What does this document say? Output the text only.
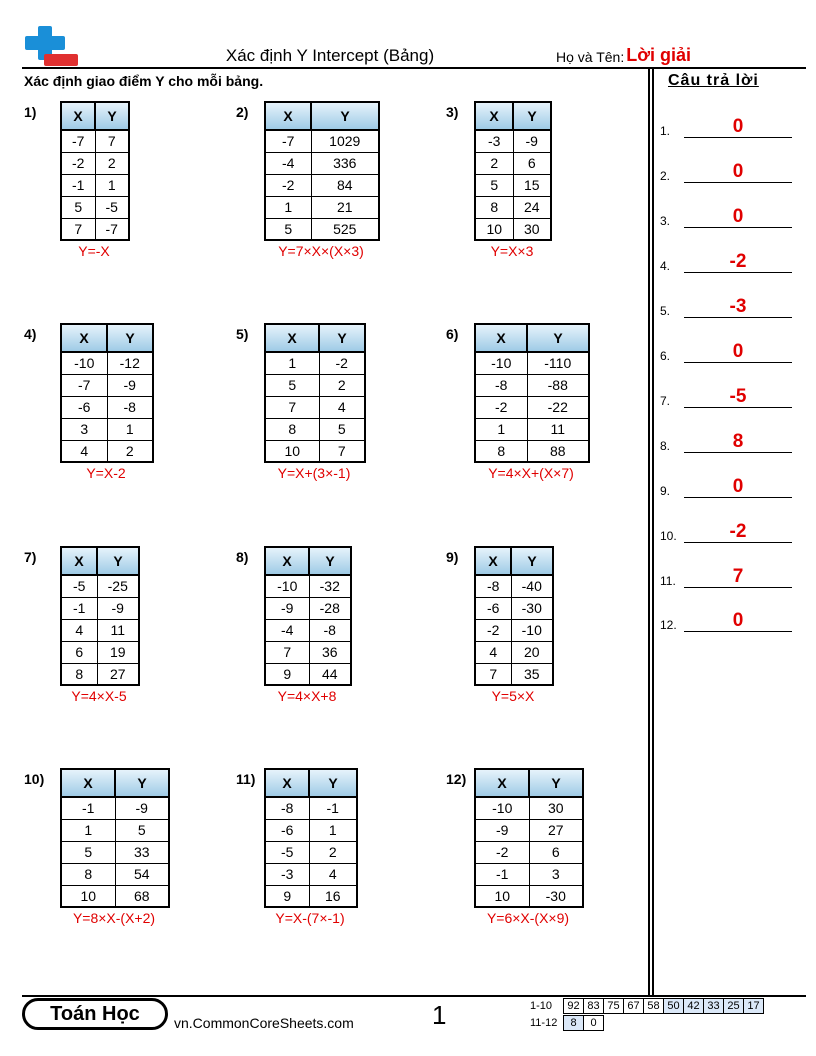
Xác định Y Intercept (Bảng)	Họ và Tên: Lời giải
Xác định giao điểm Y cho mỗi bảng.	Câu trả lời
1.	0
2.	0
3.	0
4.	-2
5.	-3
6.	0
7.	-5
8.	8
9.	0
10.	-2
11.	7
12.	0
1)	X	Y
-7	7
-2	2
-1	1
5	-5
7	-7
Y=-X
2) X	Y
-7	1029
-4	336
-2	84
1	21
5	525
Y=7×X×(X×3)
3) X	Y
-3	-9
2	6
5	15
8	24
10	30
Y=X×3
4)	X	Y
-10	-12
-7	-9
-6	-8
3	1
4	2
Y=X-2
5)	X	Y
1	-2
5	2
7	4
8	5
10	7
Y=X+(3×-1)
6)	X	Y
-10	-110
-8	-88
-2	-22
1	11
8	88
Y=4×X+(X×7)
7)	X	Y
-5	-25
-1	-9
4	11
6	19
8	27
Y=4×X-5
8) X	Y
-10	-32
-9	-28
-4	-8
7	36
9	44
Y=4×X+8
9) X	Y
-8	-40
-6	-30
-2	-10
4	20
7	35
Y=5×X
10)	X	Y
-1	-9
1	5
5	33
8	54
10	68
Y=8×X-(X+2)
11) X	Y
-8	-1
-6	1
-5	2
-3	4
9	16
Y=X-(7×-1)
12) X	Y
-10	30
-9	27
-2	6
-1	3
10	-30
Y=6×X-(X×9)
Toán Học	vn.CommonCoreSheets.com	1	1-10	92 83 75 67 58 50 42 33 25 17
11-12	8	0
